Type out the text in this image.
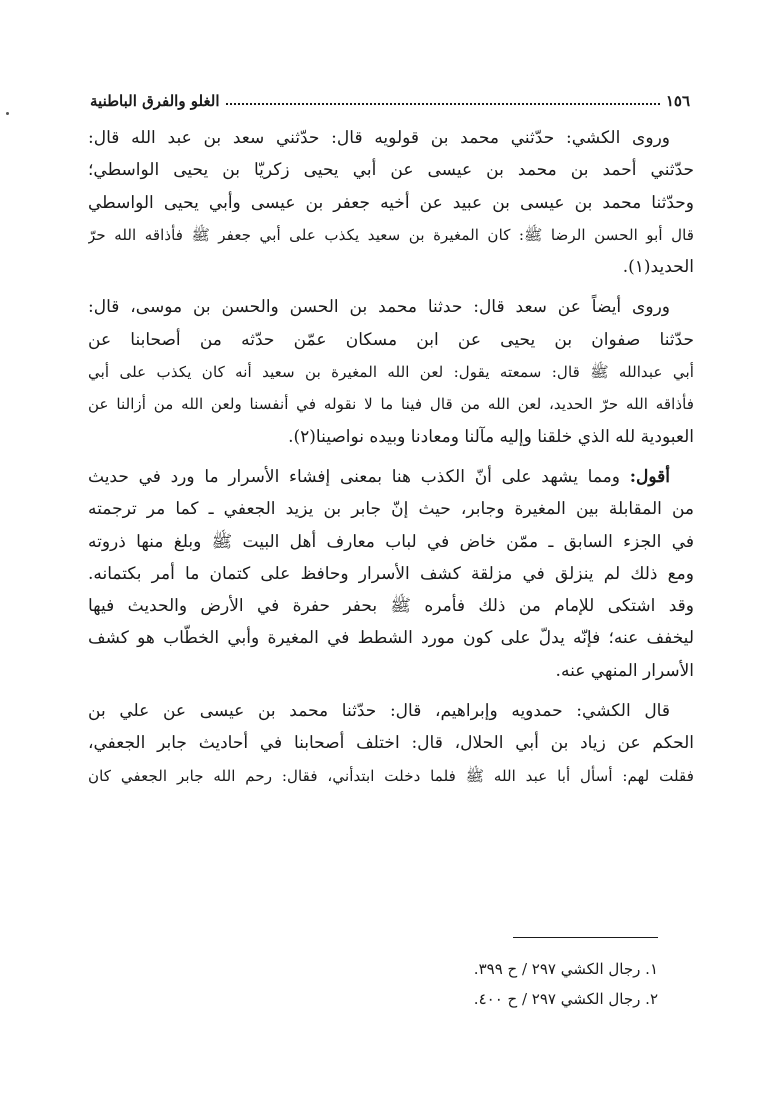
١٥٦
الغلو والفرق الباطنية
وروى الكشي: حدّثني محمد بن قولويه قال: حدّثني سعد بن عبد الله قال:
حدّثني أحمد بن محمد بن عيسى عن أبي يحيى زكريّا بن يحيى الواسطي؛
وحدّثنا محمد بن عيسى بن عبيد عن أخيه جعفر بن عيسى وأبي يحيى الواسطي
قال أبو الحسن الرضا ﷺ: كان المغيرة بن سعيد يكذب على أبي جعفر ﷺ فأذاقه الله حرّ
الحديد(١).
وروى أيضاً عن سعد قال: حدثنا محمد بن الحسن والحسن بن موسى، قال:
حدّثنا صفوان بن يحيى عن ابن مسكان عمّن حدّثه من أصحابنا عن
أبي عبدالله ﷺ قال: سمعته يقول: لعن الله المغيرة بن سعيد أنه كان يكذب على أبي
فأذاقه الله حرّ الحديد، لعن الله من قال فينا ما لا نقوله في أنفسنا ولعن الله من أزالنا عن
العبودية لله الذي خلقنا وإليه مآلنا ومعادنا وبيده نواصينا(٢).
أقول: ومما يشهد على أنّ الكذب هنا بمعنى إفشاء الأسرار ما ورد في حديث
من المقابلة بين المغيرة وجابر، حيث إنّ جابر بن يزيد الجعفي ـ كما مر ترجمته
في الجزء السابق ـ ممّن خاض في لباب معارف أهل البيت ﷺ وبلغ منها ذروته
ومع ذلك لم ينزلق في مزلقة كشف الأسرار وحافظ على كتمان ما أمر بكتمانه.
وقد اشتكى للإمام من ذلك فأمره ﷺ بحفر حفرة في الأرض والحديث فيها
ليخفف عنه؛ فإنّه يدلّ على كون مورد الشطط في المغيرة وأبي الخطّاب هو كشف
الأسرار المنهي عنه.
قال الكشي: حمدويه وإبراهيم، قال: حدّثنا محمد بن عيسى عن علي بن
الحكم عن زياد بن أبي الحلال، قال: اختلف أصحابنا في أحاديث جابر الجعفي،
فقلت لهم: أسأل أبا عبد الله ﷺ فلما دخلت ابتدأني، فقال: رحم الله جابر الجعفي كان
١. رجال الكشي ٢٩٧ / ح ٣٩٩.
٢. رجال الكشي ٢٩٧ / ح ٤٠٠.
